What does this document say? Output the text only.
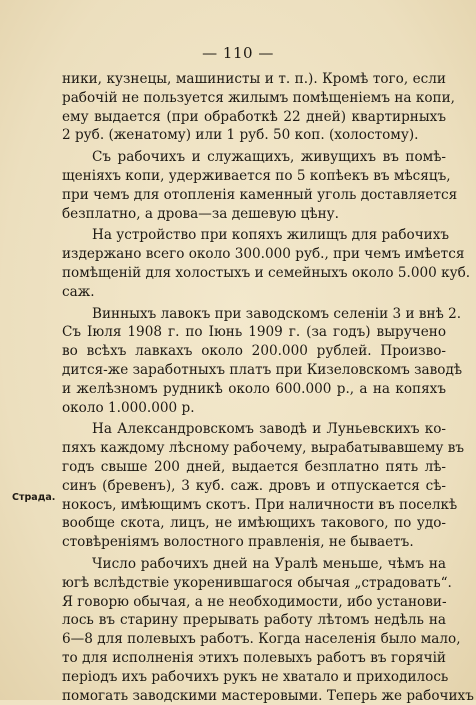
— 110 —
Страда.
ники, кузнецы, машинисты и т. п.). Кромѣ того, если
рабочій не пользуется жилымъ помѣщеніемъ на копи,
ему выдается (при обработкѣ 22 дней) квартирныхъ
2 руб. (женатому) или 1 руб. 50 коп. (холостому).
Съ рабочихъ и служащихъ, живущихъ въ помѣ-
щеніяхъ копи, удерживается по 5 копѣекъ въ мѣсяцъ,
при чемъ для отопленія каменный уголь доставляется
безплатно, а дрова—за дешевую цѣну.
На устройство при копяхъ жилищъ для рабочихъ
издержано всего около 300.000 руб., при чемъ имѣется
помѣщеній для холостыхъ и семейныхъ около 5.000 куб.
саж.
Винныхъ лавокъ при заводскомъ селеніи 3 и внѣ 2.
Съ Іюля 1908 г. по Іюнь 1909 г. (за годъ) выручено
во всѣхъ лавкахъ около 200.000 рублей. Произво-
дится-же заработныхъ платъ при Кизеловскомъ заводѣ
и желѣзномъ рудникѣ около 600.000 р., а на копяхъ
около 1.000.000 р.
На Александровскомъ заводѣ и Луньевскихъ ко-
пяхъ каждому лѣсному рабочему, вырабатывавшему въ
годъ свыше 200 дней, выдается безплатно пять лѣ-
синъ (бревенъ), 3 куб. саж. дровъ и отпускается сѣ-
нокосъ, имѣющимъ скотъ. При наличности въ поселкѣ
вообще скота, лицъ, не имѣющихъ такового, по удо-
стовѣреніямъ волостного правленія, не бываетъ.
Число рабочихъ дней на Уралѣ меньше, чѣмъ на
югѣ вслѣдствіе укоренившагося обычая „страдовать“.
Я говорю обычая, а не необходимости, ибо установи-
лось въ старину прерывать работу лѣтомъ недѣль на
6—8 для полевыхъ работъ. Когда населенія было мало,
то для исполненія этихъ полевыхъ работъ въ горячій
періодъ ихъ рабочихъ рукъ не хватало и приходилось
помогать заводскими мастеровыми. Теперь же рабочихъ
